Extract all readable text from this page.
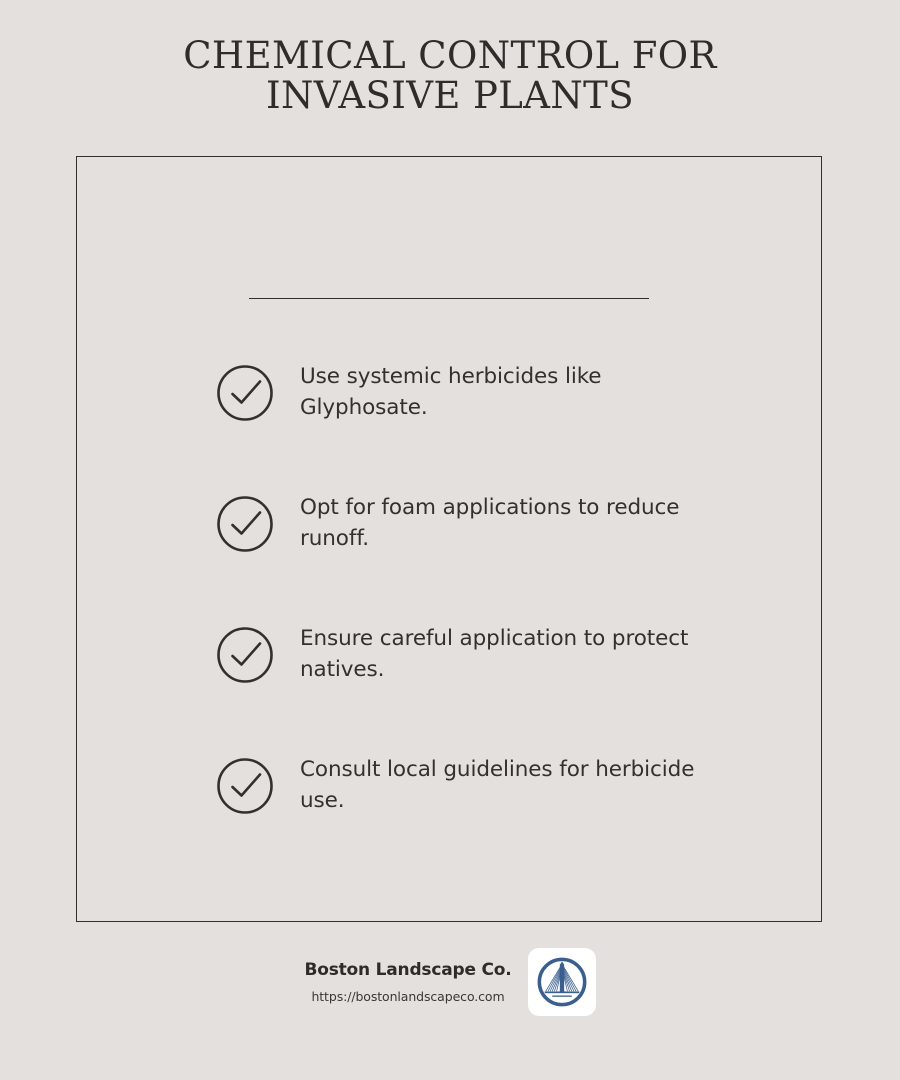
CHEMICAL CONTROL FOR INVASIVE PLANTS
Use systemic herbicides like Glyphosate.
Opt for foam applications to reduce runoff.
Ensure careful application to protect natives.
Consult local guidelines for herbicide use.
Boston Landscape Co.
https://bostonlandscapeco.com
